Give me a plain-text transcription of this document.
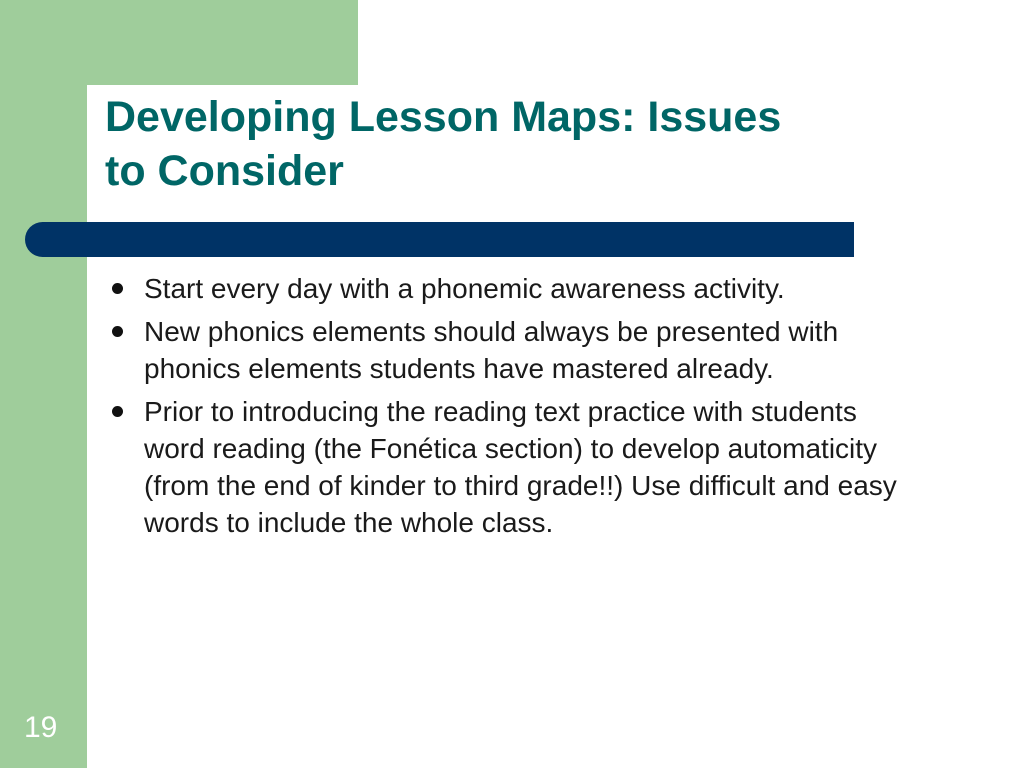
Developing Lesson Maps: Issues
to Consider
Start every day with a phonemic awareness activity.
New phonics elements should always be presented with phonics elements students have mastered already.
Prior to introducing the reading text practice with students word reading (the Fonética section) to develop automaticity (from the end of kinder to third grade!!) Use difficult and easy words to include the whole class.
19
